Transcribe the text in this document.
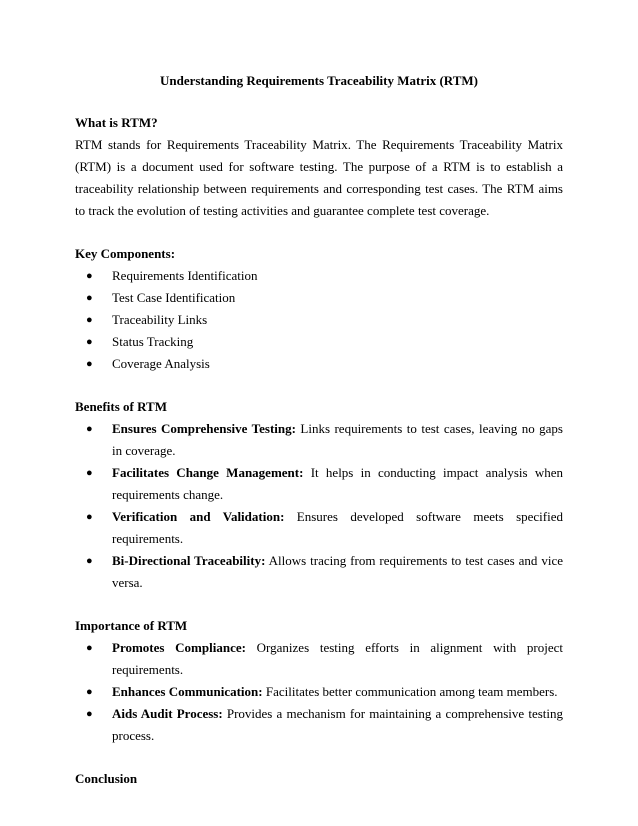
Understanding Requirements Traceability Matrix (RTM)

What is RTM?

RTM stands for Requirements Traceability Matrix. The Requirements Traceability Matrix (RTM) is a document used for software testing. The purpose of a RTM is to establish a traceability relationship between requirements and corresponding test cases. The RTM aims to track the evolution of testing activities and guarantee complete test coverage.

Key Components:

● Requirements Identification
● Test Case Identification
● Traceability Links
● Status Tracking
● Coverage Analysis

Benefits of RTM

● Ensures Comprehensive Testing: Links requirements to test cases, leaving no gaps in coverage.
● Facilitates Change Management: It helps in conducting impact analysis when requirements change.
● Verification and Validation: Ensures developed software meets specified requirements.
● Bi-Directional Traceability: Allows tracing from requirements to test cases and vice versa.

Importance of RTM

● Promotes Compliance: Organizes testing efforts in alignment with project requirements.
● Enhances Communication: Facilitates better communication among team members.
● Aids Audit Process: Provides a mechanism for maintaining a comprehensive testing process.

Conclusion
